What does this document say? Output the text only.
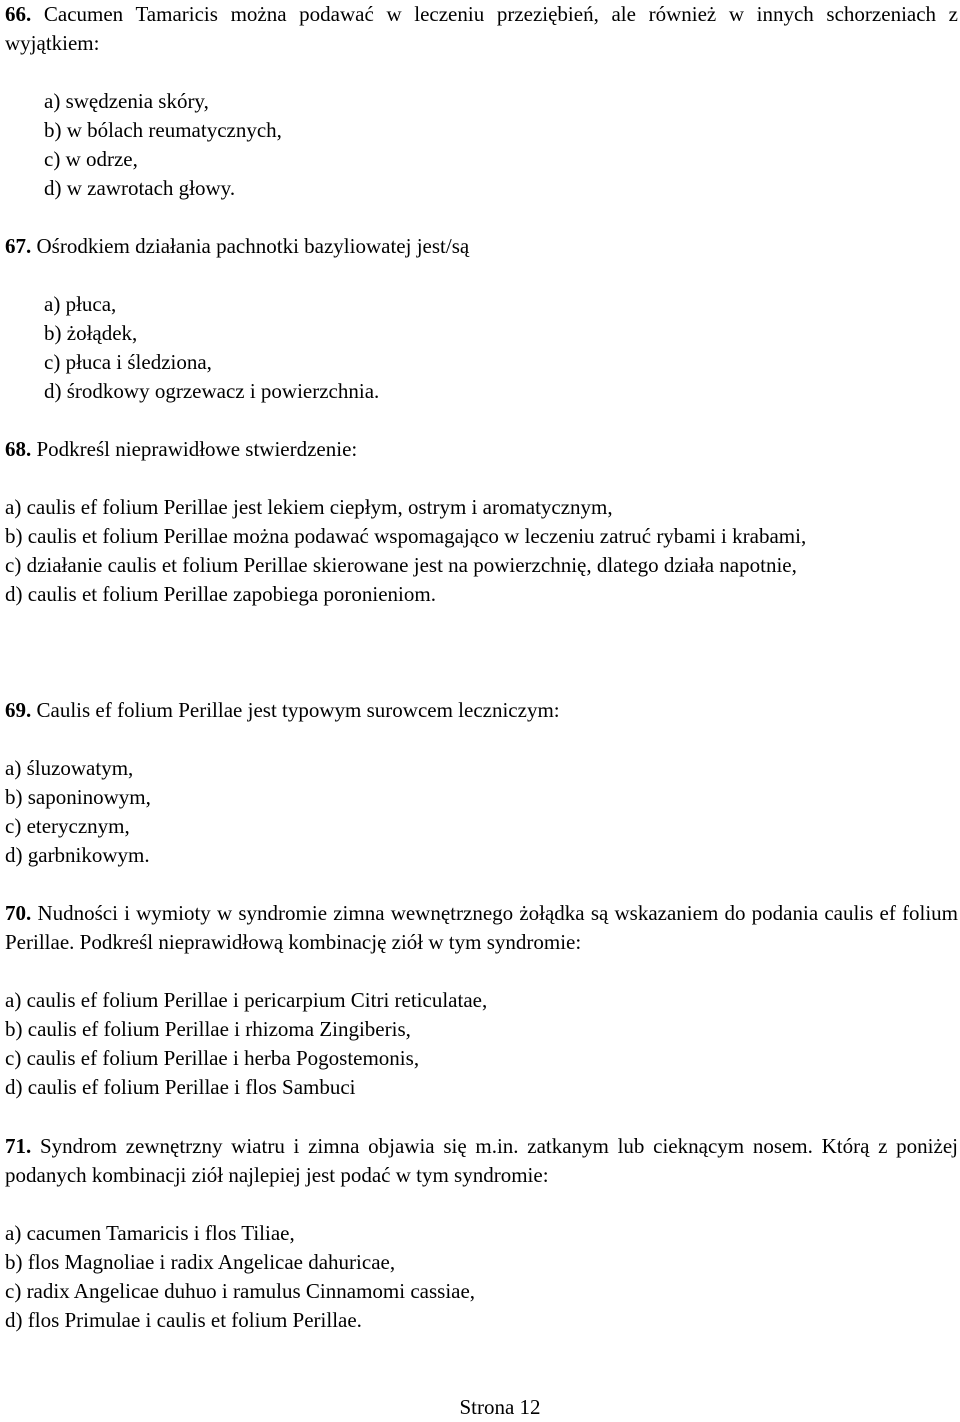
66. Cacumen Tamaricis można podawać w leczeniu przeziębień, ale również w innych schorzeniach z wyjątkiem:
a) swędzenia skóry,
b) w bólach reumatycznych,
c) w odrze,
d) w zawrotach głowy.
67. Ośrodkiem działania pachnotki bazyliowatej jest/są
a) płuca,
b) żołądek,
c) płuca i śledziona,
d) środkowy ogrzewacz i powierzchnia.
68. Podkreśl nieprawidłowe stwierdzenie:
a) caulis ef folium Perillae jest lekiem ciepłym, ostrym i aromatycznym,
b) caulis et folium Perillae można podawać wspomagająco w leczeniu zatruć rybami i krabami,
c) działanie caulis et folium Perillae skierowane jest na powierzchnię, dlatego działa napotnie,
d) caulis et folium Perillae zapobiega poronieniom.
69. Caulis ef folium Perillae jest typowym surowcem leczniczym:
a) śluzowatym,
b) saponinowym,
c) eterycznym,
d) garbnikowym.
70. Nudności i wymioty w syndromie zimna wewnętrznego żołądka są wskazaniem do podania caulis ef folium Perillae. Podkreśl nieprawidłową kombinację ziół w tym syndromie:
a) caulis ef folium Perillae i pericarpium Citri reticulatae,
b) caulis ef folium Perillae i rhizoma Zingiberis,
c) caulis ef folium Perillae i herba Pogostemonis,
d) caulis ef folium Perillae i flos Sambuci
71. Syndrom zewnętrzny wiatru i zimna objawia się m.in. zatkanym lub cieknącym nosem. Którą z poniżej podanych kombinacji ziół najlepiej jest podać w tym syndromie:
a) cacumen Tamaricis i flos Tiliae,
b) flos Magnoliae i radix Angelicae dahuricae,
c) radix Angelicae duhuo i ramulus Cinnamomi cassiae,
d) flos Primulae i caulis et folium Perillae.
Strona 12
